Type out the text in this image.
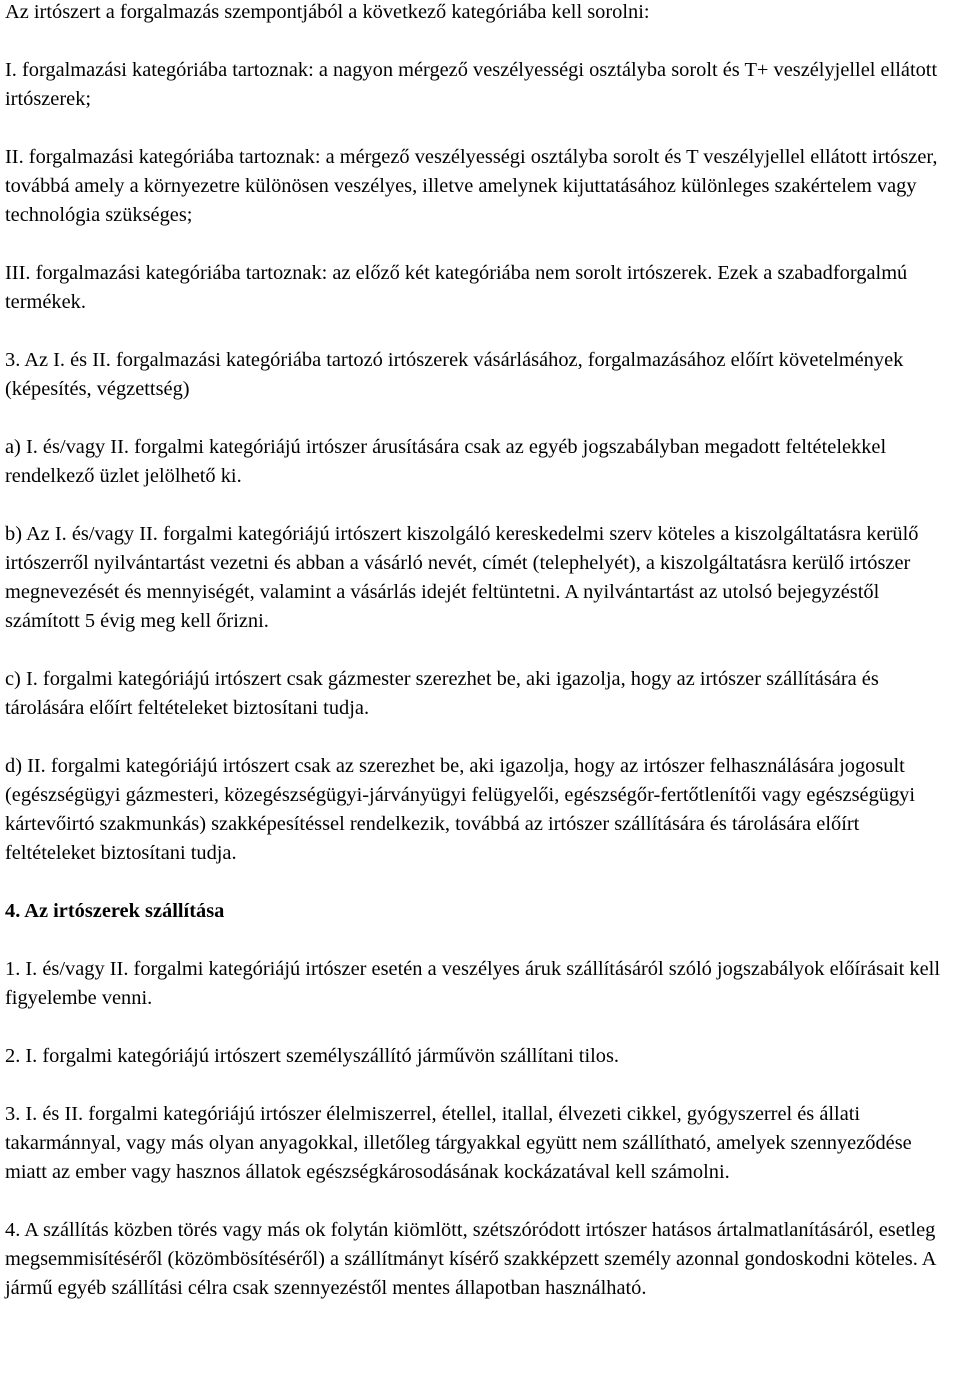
Az irtószert a forgalmazás szempontjából a következő kategóriába kell sorolni:

I. forgalmazási kategóriába tartoznak: a nagyon mérgező veszélyességi osztályba sorolt és T+ veszélyjellel ellátott irtószerek;

II. forgalmazási kategóriába tartoznak: a mérgező veszélyességi osztályba sorolt és T veszélyjellel ellátott irtószer, továbbá amely a környezetre különösen veszélyes, illetve amelynek kijuttatásához különleges szakértelem vagy technológia szükséges;

III. forgalmazási kategóriába tartoznak: az előző két kategóriába nem sorolt irtószerek. Ezek a szabadforgalmú termékek.

3. Az I. és II. forgalmazási kategóriába tartozó irtószerek vásárlásához, forgalmazásához előírt követelmények (képesítés, végzettség)

a) I. és/vagy II. forgalmi kategóriájú irtószer árusítására csak az egyéb jogszabályban megadott feltételekkel rendelkező üzlet jelölhető ki.

b) Az I. és/vagy II. forgalmi kategóriájú irtószert kiszolgáló kereskedelmi szerv köteles a kiszolgáltatásra kerülő irtószerről nyilvántartást vezetni és abban a vásárló nevét, címét (telephelyét), a kiszolgáltatásra kerülő irtószer megnevezését és mennyiségét, valamint a vásárlás idejét feltüntetni. A nyilvántartást az utolsó bejegyzéstől számított 5 évig meg kell őrizni.

c) I. forgalmi kategóriájú irtószert csak gázmester szerezhet be, aki igazolja, hogy az irtószer szállítására és tárolására előírt feltételeket biztosítani tudja.

d) II. forgalmi kategóriájú irtószert csak az szerezhet be, aki igazolja, hogy az irtószer felhasználására jogosult (egészségügyi gázmesteri, közegészségügyi-járványügyi felügyelői, egészségőr-fertőtlenítői vagy egészségügyi kártevőirtó szakmunkás) szakképesítéssel rendelkezik, továbbá az irtószer szállítására és tárolására előírt feltételeket biztosítani tudja.

4. Az irtószerek szállítása

1. I. és/vagy II. forgalmi kategóriájú irtószer esetén a veszélyes áruk szállításáról szóló jogszabályok előírásait kell figyelembe venni.

2. I. forgalmi kategóriájú irtószert személyszállító járművön szállítani tilos.

3. I. és II. forgalmi kategóriájú irtószer élelmiszerrel, étellel, itallal, élvezeti cikkel, gyógyszerrel és állati takarmánnyal, vagy más olyan anyagokkal, illetőleg tárgyakkal együtt nem szállítható, amelyek szennyeződése miatt az ember vagy hasznos állatok egészségkárosodásának kockázatával kell számolni.

4. A szállítás közben törés vagy más ok folytán kiömlött, szétszóródott irtószer hatásos ártalmatlanításáról, esetleg megsemmisítéséről (közömbösítéséről) a szállítmányt kísérő szakképzett személy azonnal gondoskodni köteles. A jármű egyéb szállítási célra csak szennyezéstől mentes állapotban használható.
